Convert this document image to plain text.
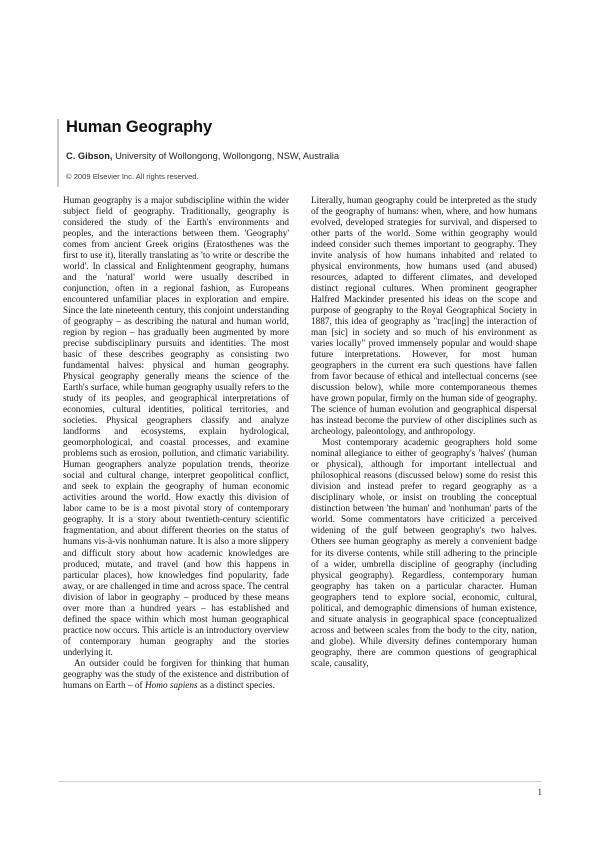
Human Geography
C. Gibson, University of Wollongong, Wollongong, NSW, Australia
© 2009 Elsevier Inc. All rights reserved.

Human geography is a major subdiscipline within the wider subject field of geography. Traditionally, geography is considered the study of the Earth's environments and peoples, and the interactions between them. 'Geography' comes from ancient Greek origins (Eratosthenes was the first to use it), literally translating as 'to write or describe the world'. In classical and Enlightenment geography, humans and the 'natural' world were usually described in conjunction, often in a regional fashion, as Europeans encountered unfamiliar places in exploration and empire. Since the late nineteenth century, this conjoint understanding of geography – as describing the natural and human world, region by region – has gradually been augmented by more precise subdisciplinary pursuits and identities. The most basic of these describes geography as consisting two fundamental halves: physical and human geography. Physical geography generally means the science of the Earth's surface, while human geography usually refers to the study of its peoples, and geographical interpretations of economies, cultural identities, political territories, and societies. Physical geographers classify and analyze landforms and ecosystems, explain hydrological, geomorphological, and coastal processes, and examine problems such as erosion, pollution, and climatic variability. Human geographers analyze population trends, theorize social and cultural change, interpret geopolitical conflict, and seek to explain the geography of human economic activities around the world. How exactly this division of labor came to be is a most pivotal story of contemporary geography. It is a story about twentieth-century scientific fragmentation, and about different theories on the status of humans vis-à-vis nonhuman nature. It is also a more slippery and difficult story about how academic knowledges are produced, mutate, and travel (and how this happens in particular places), how knowledges find popularity, fade away, or are challenged in time and across space. The central division of labor in geography – produced by these means over more than a hundred years – has established and defined the space within which most human geographical practice now occurs. This article is an introductory overview of contemporary human geography and the stories underlying it.

An outsider could be forgiven for thinking that human geography was the study of the existence and distribution of humans on Earth – of Homo sapiens as a distinct species.

Literally, human geography could be interpreted as the study of the geography of humans: when, where, and how humans evolved, developed strategies for survival, and dispersed to other parts of the world. Some within geography would indeed consider such themes important to geography. They invite analysis of how humans inhabited and related to physical environments, how humans used (and abused) resources, adapted to different climates, and developed distinct regional cultures. When prominent geographer Halfred Mackinder presented his ideas on the scope and purpose of geography to the Royal Geographical Society in 1887, this idea of geography as "trac[ing] the interaction of man [sic] in society and so much of his environment as varies locally" proved immensely popular and would shape future interpretations. However, for most human geographers in the current era such questions have fallen from favor because of ethical and intellectual concerns (see discussion below), while more contemporaneous themes have grown popular, firmly on the human side of geography. The science of human evolution and geographical dispersal has instead become the purview of other disciplines such as archeology, paleontology, and anthropology.

Most contemporary academic geographers hold some nominal allegiance to either of geography's 'halves' (human or physical), although for important intellectual and philosophical reasons (discussed below) some do resist this division and instead prefer to regard geography as a disciplinary whole, or insist on troubling the conceptual distinction between 'the human' and 'nonhuman' parts of the world. Some commentators have criticized a perceived widening of the gulf between geography's two halves. Others see human geography as merely a convenient badge for its diverse contents, while still adhering to the principle of a wider, umbrella discipline of geography (including physical geography). Regardless, contemporary human geography has taken on a particular character. Human geographers tend to explore social, economic, cultural, political, and demographic dimensions of human existence, and situate analysis in geographical space (conceptualized across and between scales from the body to the city, nation, and globe). While diversity defines contemporary human geography, there are common questions of geographical scale, causality,

1
